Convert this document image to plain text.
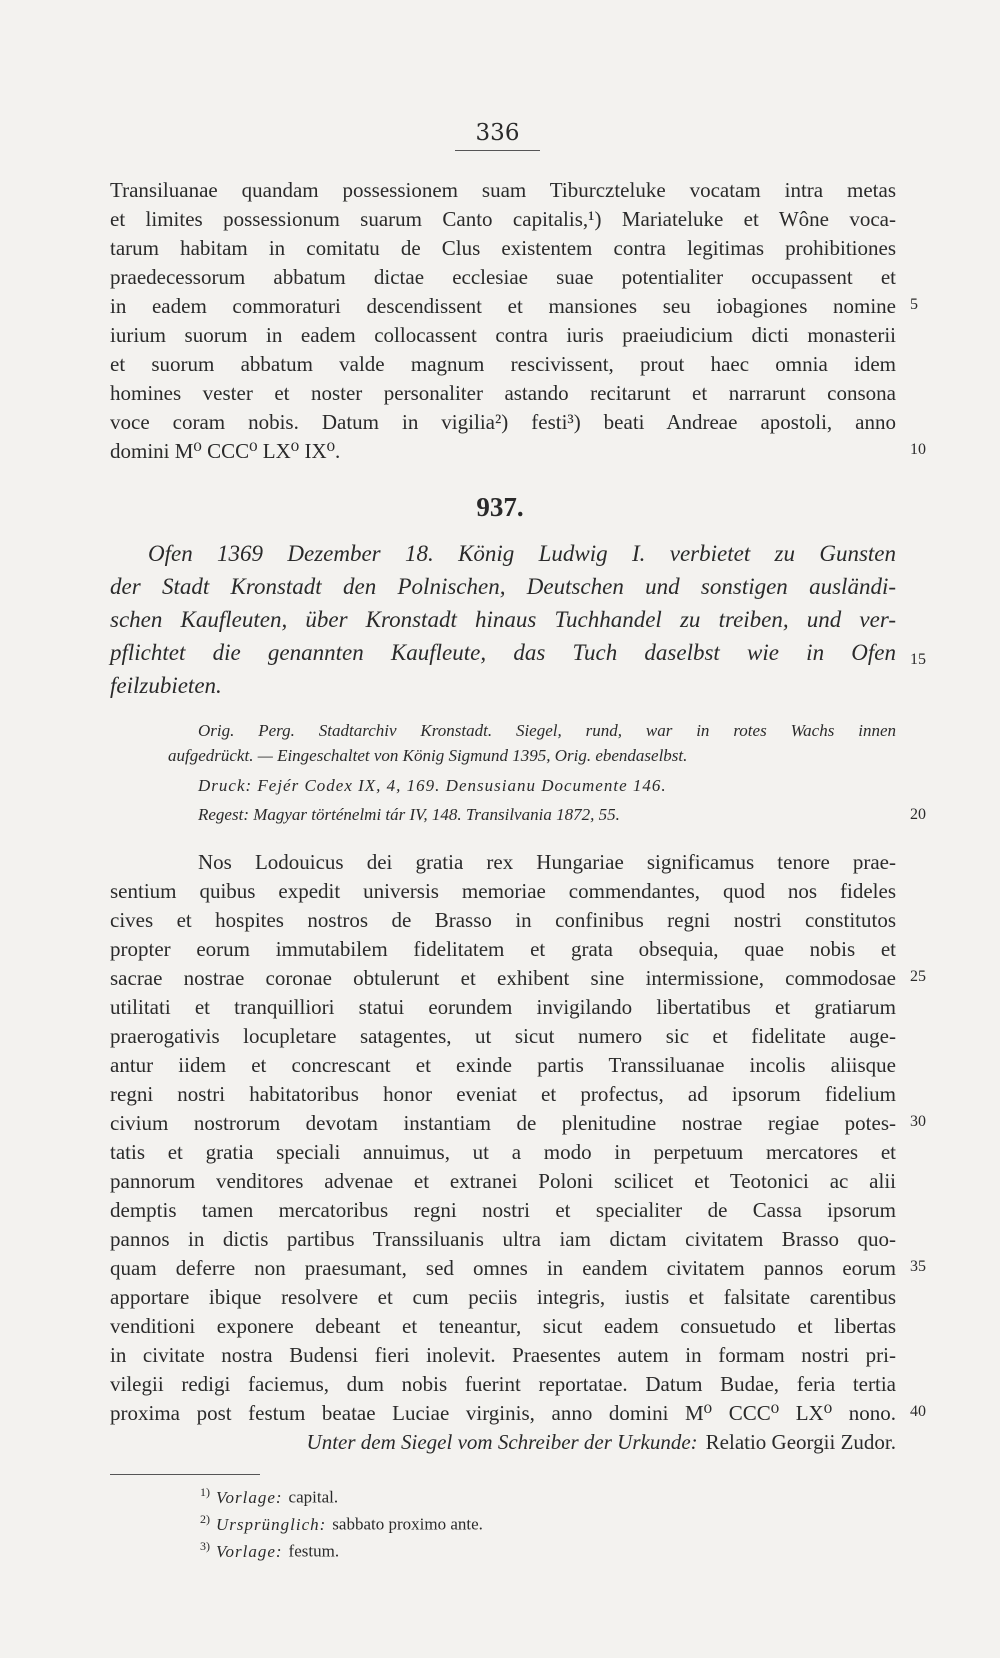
336
Transiluanae quandam possessionem suam Tiburczteluke vocatam intra metas
et limites possessionum suarum Canto capitalis,¹) Mariateluke et Wône voca-
tarum habitam in comitatu de Clus existentem contra legitimas prohibitiones
praedecessorum abbatum dictae ecclesiae suae potentialiter occupassent et
in eadem commoraturi descendissent et mansiones seu iobagiones nomine
iurium suorum in eadem collocassent contra iuris praeiudicium dicti monasterii
et suorum abbatum valde magnum rescivissent, prout haec omnia idem
homines vester et noster personaliter astando recitarunt et narrarunt consona
voce coram nobis. Datum in vigilia²) festi³) beati Andreae apostoli, anno
domini M⁰ CCC⁰ LX⁰ IX⁰.
937.
Ofen 1369 Dezember 18. König Ludwig I. verbietet zu Gunsten
der Stadt Kronstadt den Polnischen, Deutschen und sonstigen ausländi-
schen Kaufleuten, über Kronstadt hinaus Tuchhandel zu treiben, und ver-
pflichtet die genannten Kaufleute, das Tuch daselbst wie in Ofen
feilzubieten.
Orig. Perg. Stadtarchiv Kronstadt. Siegel, rund, war in rotes Wachs innen
aufgedrückt. — Eingeschaltet von König Sigmund 1395, Orig. ebendaselbst.
Druck: Fejér Codex IX, 4, 169. Densusianu Documente 146.
Regest: Magyar történelmi tár IV, 148. Transilvania 1872, 55.
Nos Lodouicus dei gratia rex Hungariae significamus tenore prae-
sentium quibus expedit universis memoriae commendantes, quod nos fideles
cives et hospites nostros de Brasso in confinibus regni nostri constitutos
propter eorum immutabilem fidelitatem et grata obsequia, quae nobis et
sacrae nostrae coronae obtulerunt et exhibent sine intermissione, commodosae
utilitati et tranquilliori statui eorundem invigilando libertatibus et gratiarum
praerogativis locupletare satagentes, ut sicut numero sic et fidelitate auge-
antur iidem et concrescant et exinde partis Transsiluanae incolis aliisque
regni nostri habitatoribus honor eveniat et profectus, ad ipsorum fidelium
civium nostrorum devotam instantiam de plenitudine nostrae regiae potes-
tatis et gratia speciali annuimus, ut a modo in perpetuum mercatores et
pannorum venditores advenae et extranei Poloni scilicet et Teotonici ac alii
demptis tamen mercatoribus regni nostri et specialiter de Cassa ipsorum
pannos in dictis partibus Transsiluanis ultra iam dictam civitatem Brasso quo-
quam deferre non praesumant, sed omnes in eandem civitatem pannos eorum
apportare ibique resolvere et cum peciis integris, iustis et falsitate carentibus
venditioni exponere debeant et teneantur, sicut eadem consuetudo et libertas
in civitate nostra Budensi fieri inolevit. Praesentes autem in formam nostri pri-
vilegii redigi faciemus, dum nobis fuerint reportatae. Datum Budae, feria tertia
proxima post festum beatae Luciae virginis, anno domini M⁰ CCC⁰ LX⁰ nono.
Unter dem Siegel vom Schreiber der Urkunde: Relatio Georgii Zudor.
5
10
15
20
25
30
35
40
$^{1)}$ Vorlage: capital.
$^{2)}$ Ursprünglich: sabbato proximo ante.
$^{3)}$ Vorlage: festum.
